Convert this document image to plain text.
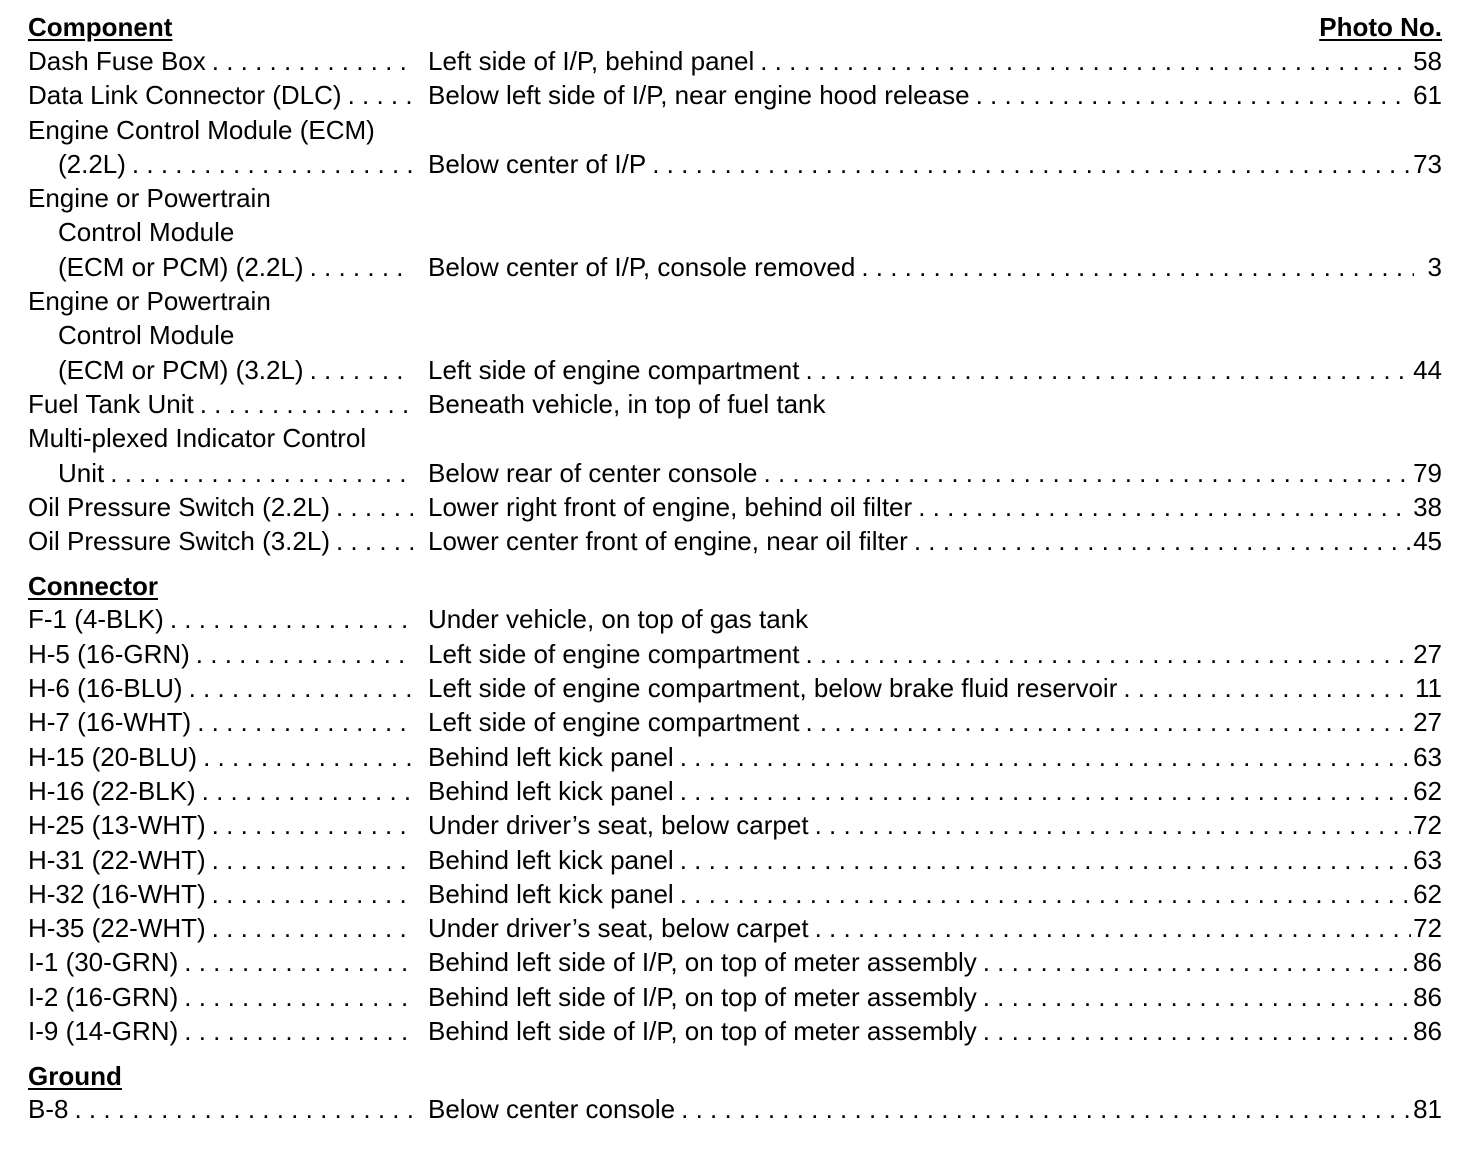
Component	Photo No.
Dash Fuse Box . . .	Left side of I/P, behind panel . . .	58
Data Link Connector (DLC) . . .	Below left side of I/P, near engine hood release . . .	61
Engine Control Module (ECM)
(2.2L) . . .	Below center of I/P . . .	73
Engine or Powertrain
Control Module
(ECM or PCM) (2.2L) . . .	Below center of I/P, console removed . . .	3
Engine or Powertrain
Control Module
(ECM or PCM) (3.2L) . . .	Left side of engine compartment . . .	44
Fuel Tank Unit . . .	Beneath vehicle, in top of fuel tank
Multi-plexed Indicator Control
Unit . . .	Below rear of center console . . .	79
Oil Pressure Switch (2.2L) . . .	Lower right front of engine, behind oil filter . . .	38
Oil Pressure Switch (3.2L) . . .	Lower center front of engine, near oil filter . . .	45
Connector
F-1 (4-BLK) . . .	Under vehicle, on top of gas tank
H-5 (16-GRN) . . .	Left side of engine compartment . . .	27
H-6 (16-BLU) . . .	Left side of engine compartment, below brake fluid reservoir . . .	11
H-7 (16-WHT) . . .	Left side of engine compartment . . .	27
H-15 (20-BLU) . . .	Behind left kick panel . . .	63
H-16 (22-BLK) . . .	Behind left kick panel . . .	62
H-25 (13-WHT) . . .	Under driver’s seat, below carpet . . .	72
H-31 (22-WHT) . . .	Behind left kick panel . . .	63
H-32 (16-WHT) . . .	Behind left kick panel . . .	62
H-35 (22-WHT) . . .	Under driver’s seat, below carpet . . .	72
I-1 (30-GRN) . . .	Behind left side of I/P, on top of meter assembly . . .	86
I-2 (16-GRN) . . .	Behind left side of I/P, on top of meter assembly . . .	86
I-9 (14-GRN) . . .	Behind left side of I/P, on top of meter assembly . . .	86
Ground
B-8 . . .	Below center console . . .	81
